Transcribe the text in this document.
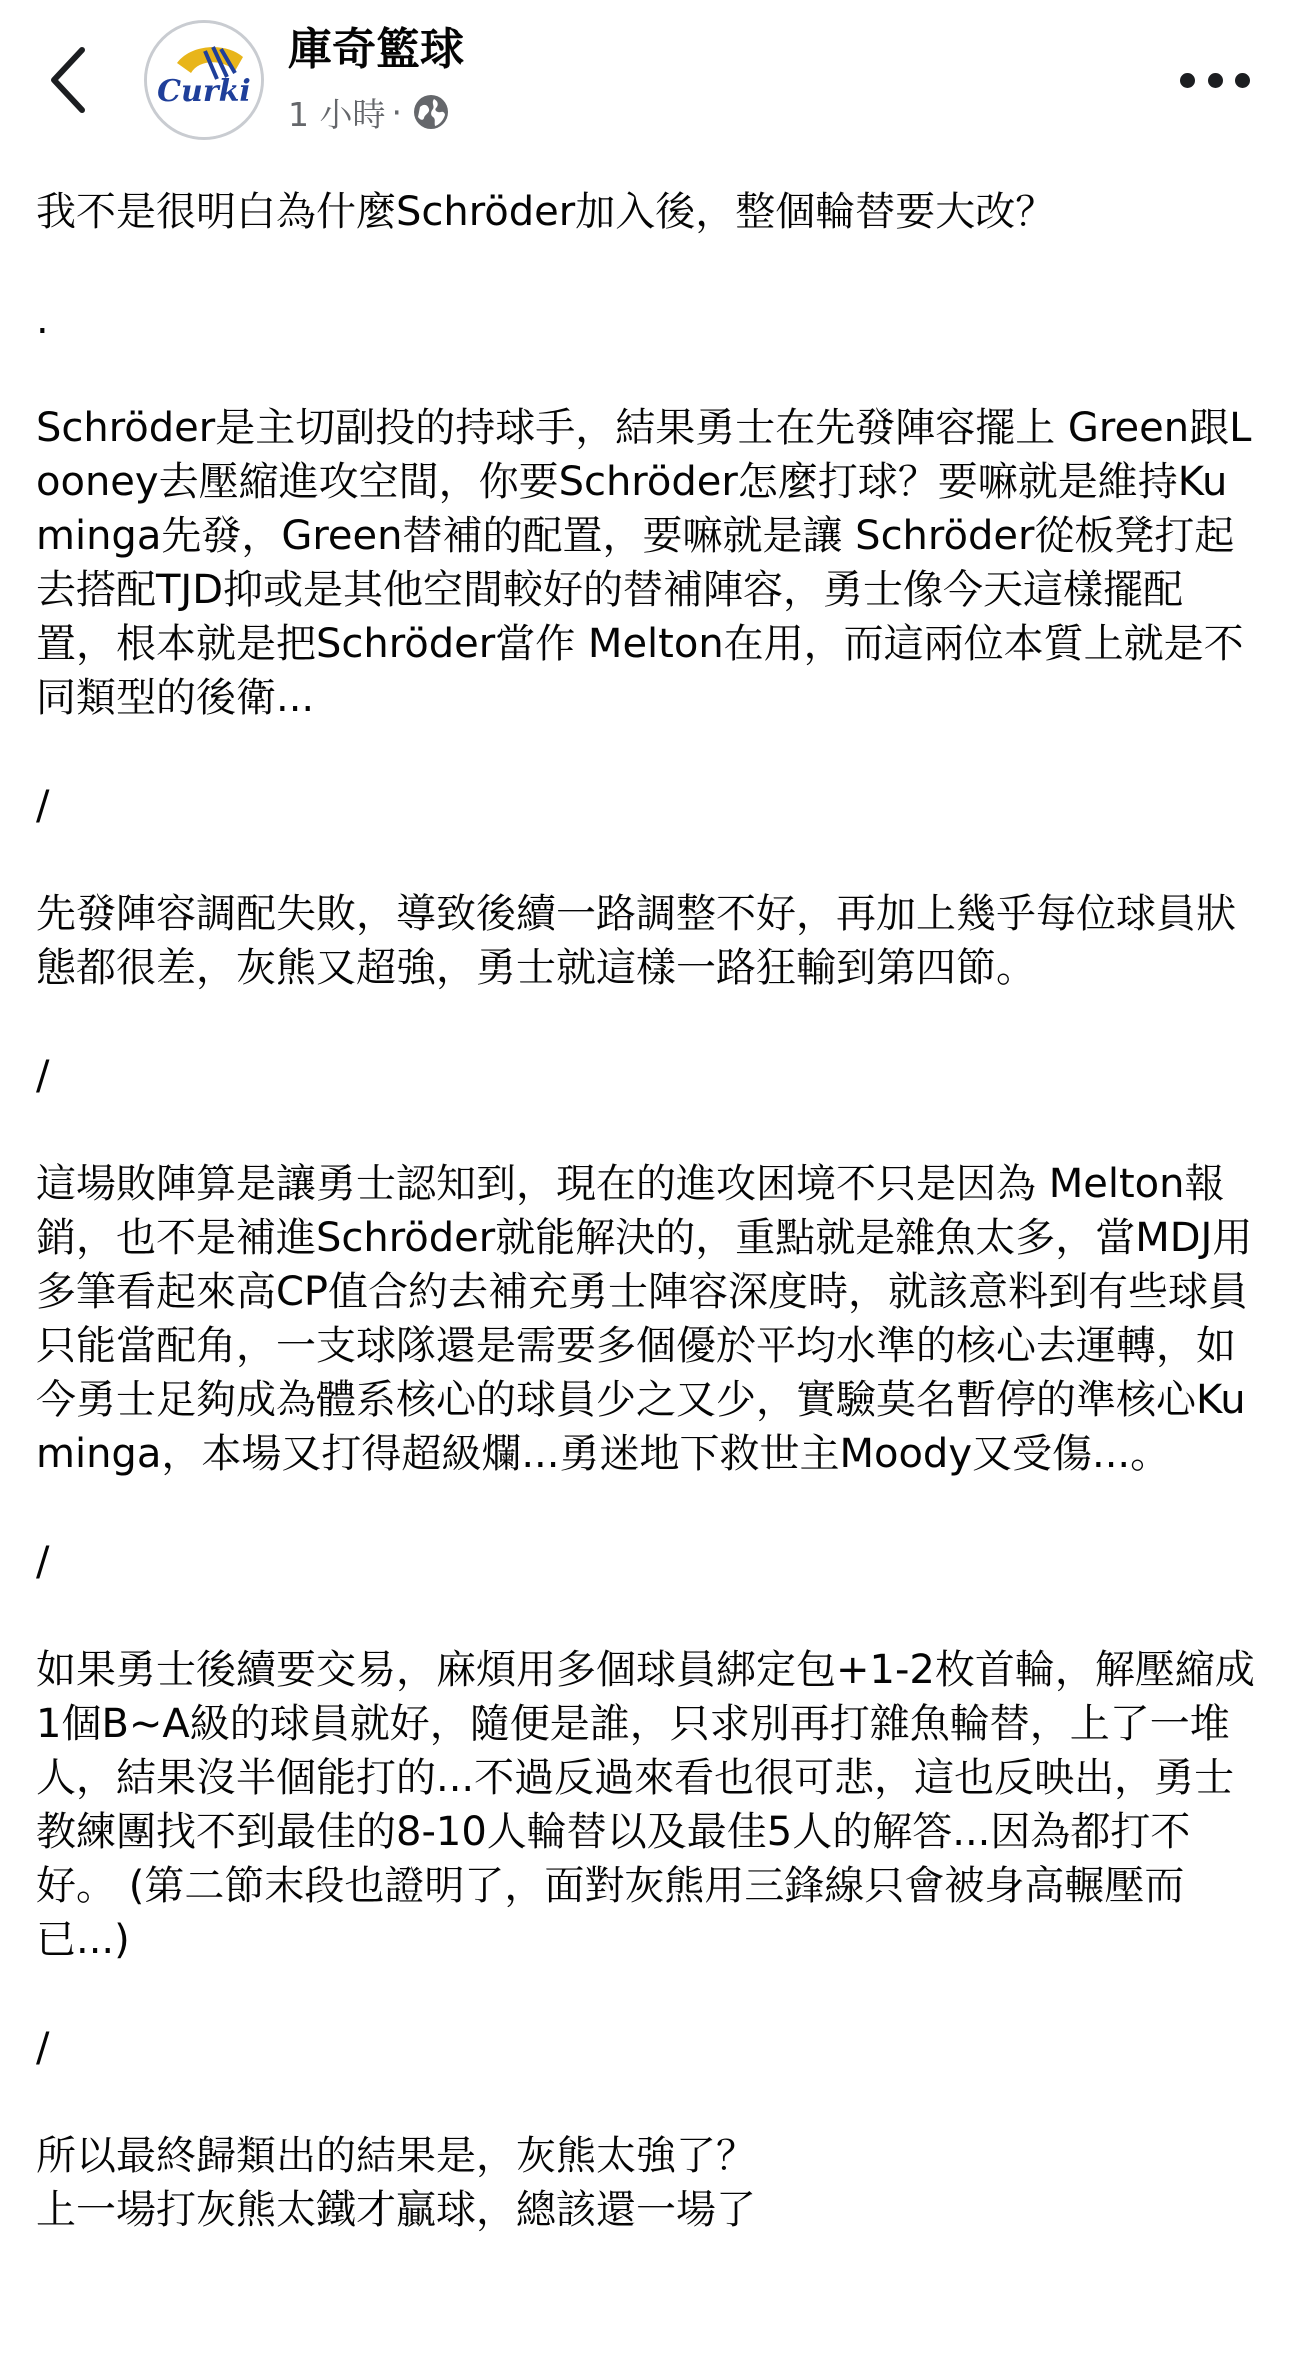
Curki
庫奇籃球
1 小時 ·

我不是很明白為什麼Schröder加入後，整個輪替要大改？

.

Schröder是主切副投的持球手，結果勇士在先發陣容擺上 Green跟Looney去壓縮進攻空間，你要Schröder怎麼打球？要嘛就是維持Kuminga先發，Green替補的配置，要嘛就是讓 Schröder從板凳打起去搭配TJD抑或是其他空間較好的替補陣容，勇士像今天這樣擺配置，根本就是把Schröder當作 Melton在用，而這兩位本質上就是不同類型的後衛...

/

先發陣容調配失敗，導致後續一路調整不好，再加上幾乎每位球員狀態都很差，灰熊又超強，勇士就這樣一路狂輸到第四節。

/

這場敗陣算是讓勇士認知到，現在的進攻困境不只是因為 Melton報銷，也不是補進Schröder就能解決的，重點就是雜魚太多，當MDJ用多筆看起來高CP值合約去補充勇士陣容深度時，就該意料到有些球員只能當配角，一支球隊還是需要多個優於平均水準的核心去運轉，如今勇士足夠成為體系核心的球員少之又少，實驗莫名暫停的準核心Kuminga，本場又打得超級爛...勇迷地下救世主Moody又受傷...。

/

如果勇士後續要交易，麻煩用多個球員綁定包+1-2枚首輪，解壓縮成1個B~A級的球員就好，隨便是誰，只求別再打雜魚輪替，上了一堆人，結果沒半個能打的...不過反過來看也很可悲，這也反映出，勇士教練團找不到最佳的8-10人輪替以及最佳5人的解答...因為都打不好。 (第二節末段也證明了，面對灰熊用三鋒線只會被身高輾壓而已...)

/

所以最終歸類出的結果是，灰熊太強了？
上一場打灰熊太鐵才贏球，總該還一場了
